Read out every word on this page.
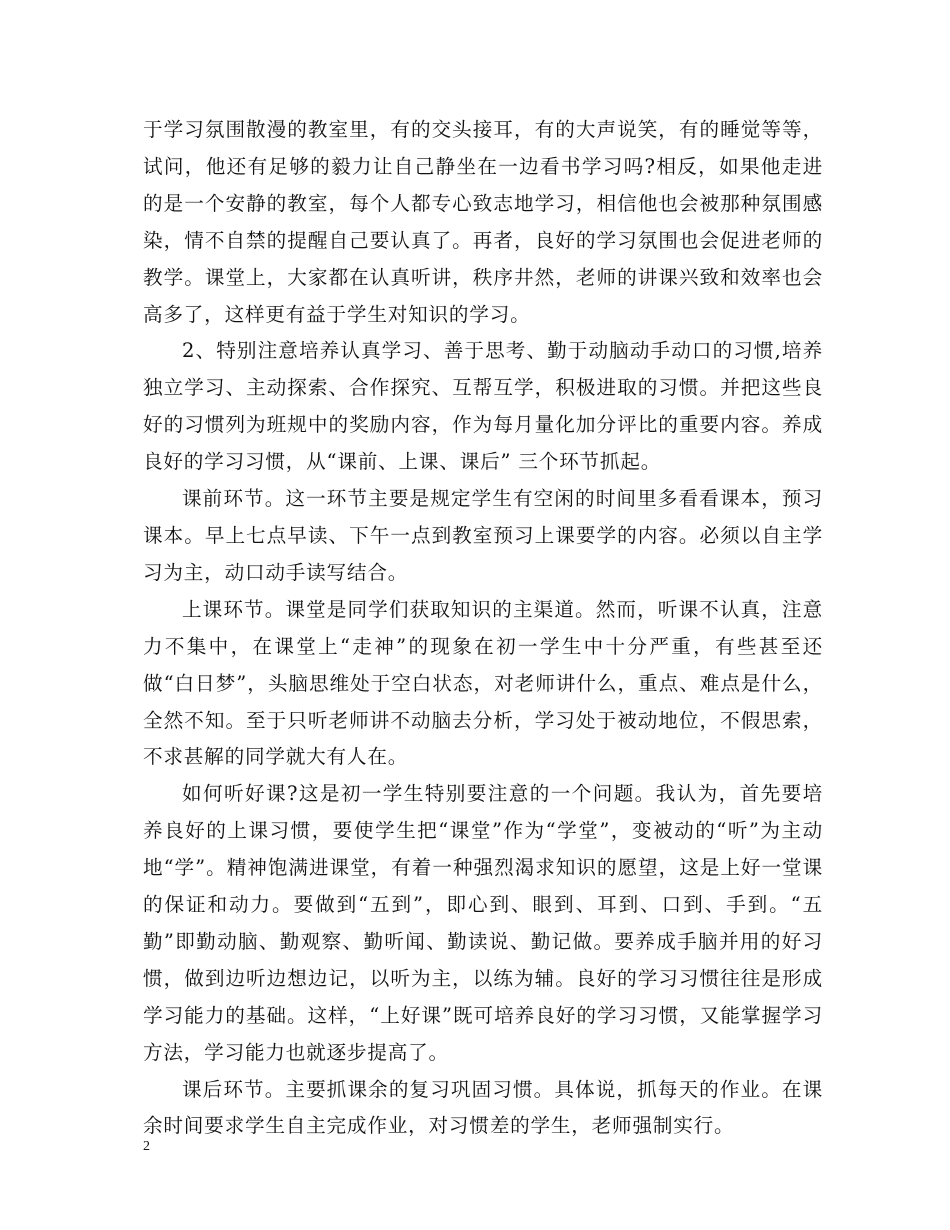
于学习氛围散漫的教室里，有的交头接耳，有的大声说笑，有的睡觉等等，试问，他还有足够的毅力让自己静坐在一边看书学习吗?相反，如果他走进的是一个安静的教室，每个人都专心致志地学习，相信他也会被那种氛围感染，情不自禁的提醒自己要认真了。再者，良好的学习氛围也会促进老师的教学。课堂上，大家都在认真听讲，秩序井然，老师的讲课兴致和效率也会高多了，这样更有益于学生对知识的学习。

2、特别注意培养认真学习、善于思考、勤于动脑动手动口的习惯,培养独立学习、主动探索、合作探究、互帮互学，积极进取的习惯。并把这些良好的习惯列为班规中的奖励内容，作为每月量化加分评比的重要内容。养成良好的学习习惯，从“课前、上课、课后” 三个环节抓起。

课前环节。这一环节主要是规定学生有空闲的时间里多看看课本，预习课本。早上七点早读、下午一点到教室预习上课要学的内容。必须以自主学习为主，动口动手读写结合。

上课环节。课堂是同学们获取知识的主渠道。然而，听课不认真，注意力不集中，在课堂上“走神”的现象在初一学生中十分严重，有些甚至还做“白日梦”，头脑思维处于空白状态，对老师讲什么，重点、难点是什么，全然不知。至于只听老师讲不动脑去分析，学习处于被动地位，不假思索，不求甚解的同学就大有人在。

如何听好课?这是初一学生特别要注意的一个问题。我认为，首先要培养良好的上课习惯，要使学生把“课堂”作为“学堂”，变被动的“听”为主动地“学”。精神饱满进课堂，有着一种强烈渴求知识的愿望，这是上好一堂课的保证和动力。要做到“五到”，即心到、眼到、耳到、口到、手到。“五勤”即勤动脑、勤观察、勤听闻、勤读说、勤记做。要养成手脑并用的好习惯，做到边听边想边记，以听为主，以练为辅。良好的学习习惯往往是形成学习能力的基础。这样，“上好课”既可培养良好的学习习惯，又能掌握学习方法，学习能力也就逐步提高了。

课后环节。主要抓课余的复习巩固习惯。具体说，抓每天的作业。在课余时间要求学生自主完成作业，对习惯差的学生，老师强制实行。

2
